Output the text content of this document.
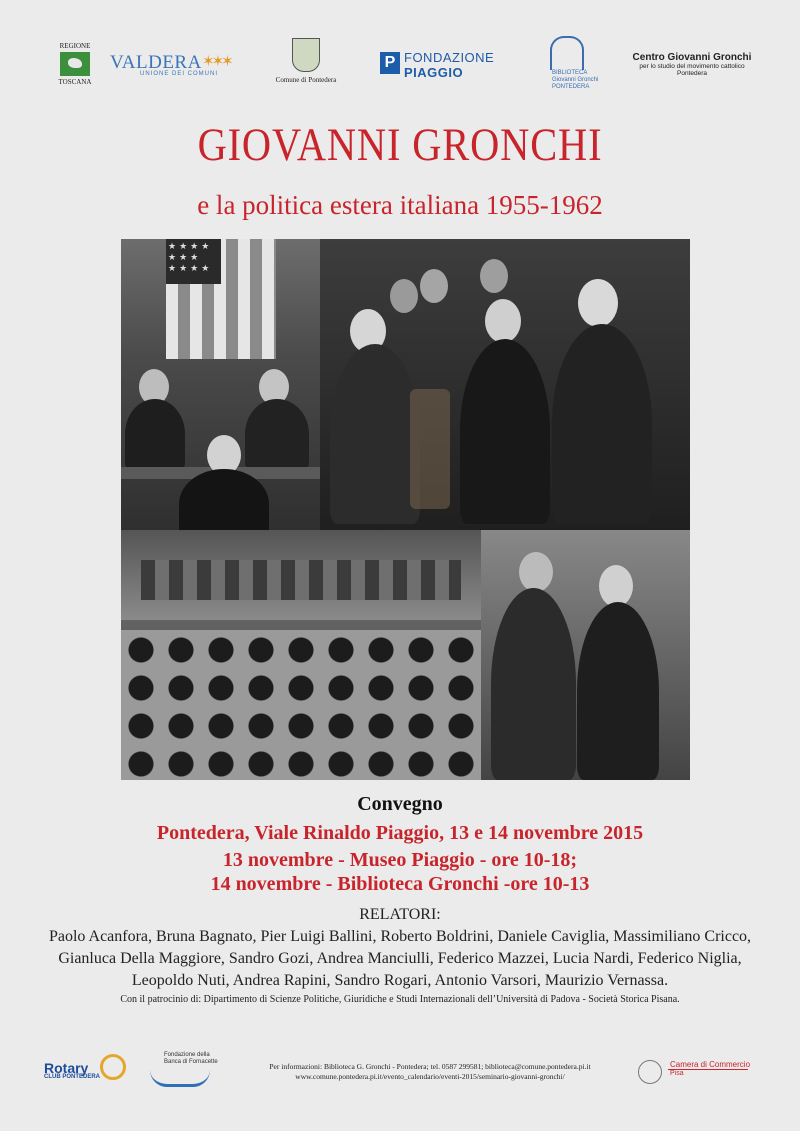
REGIONE
TOSCANA
VALDERA ✶✶✶
UNIONE DEI COMUNI
Comune di Pontedera
P FONDAZIONE
PIAGGIO	BIBLIOTECA
Giovanni Gronchi
PONTEDERA
Centro Giovanni Gronchi
per lo studio del movimento cattolico
Pontedera
GIOVANNI GRONCHI
e la politica estera italiana 1955-1962
★★★★ ★★★ ★★★★
Convegno
Pontedera, Viale Rinaldo Piaggio, 13 e 14 novembre 2015
13 novembre - Museo Piaggio - ore 10-18;
14 novembre - Biblioteca Gronchi -ore 10-13
RELATORI:
Paolo Acanfora, Bruna Bagnato, Pier Luigi Ballini, Roberto Boldrini, Daniele Caviglia, Massimiliano Cricco,
Gianluca Della Maggiore, Sandro Gozi, Andrea Manciulli, Federico Mazzei, Lucia Nardi, Federico Niglia,
Leopoldo Nuti, Andrea Rapini, Sandro Rogari, Antonio Varsori, Maurizio Vernassa.
Con il patrocinio di: Dipartimento di Scienze Politiche, Giuridiche e Studi Internazionali dell’Università di Padova - Società Storica Pisana.
Rotary
CLUB PONTEDERA
Fondazione della
Banca di Fornacette	Per informazioni: Biblioteca G. Gronchi - Pontedera; tel. 0587 299581; biblioteca@comune.pontedera.pi.it
www.comune.pontedera.pi.it/evento_calendario/eventi-2015/seminario-giovanni-gronchi/
Camera di Commercio
Pisa
